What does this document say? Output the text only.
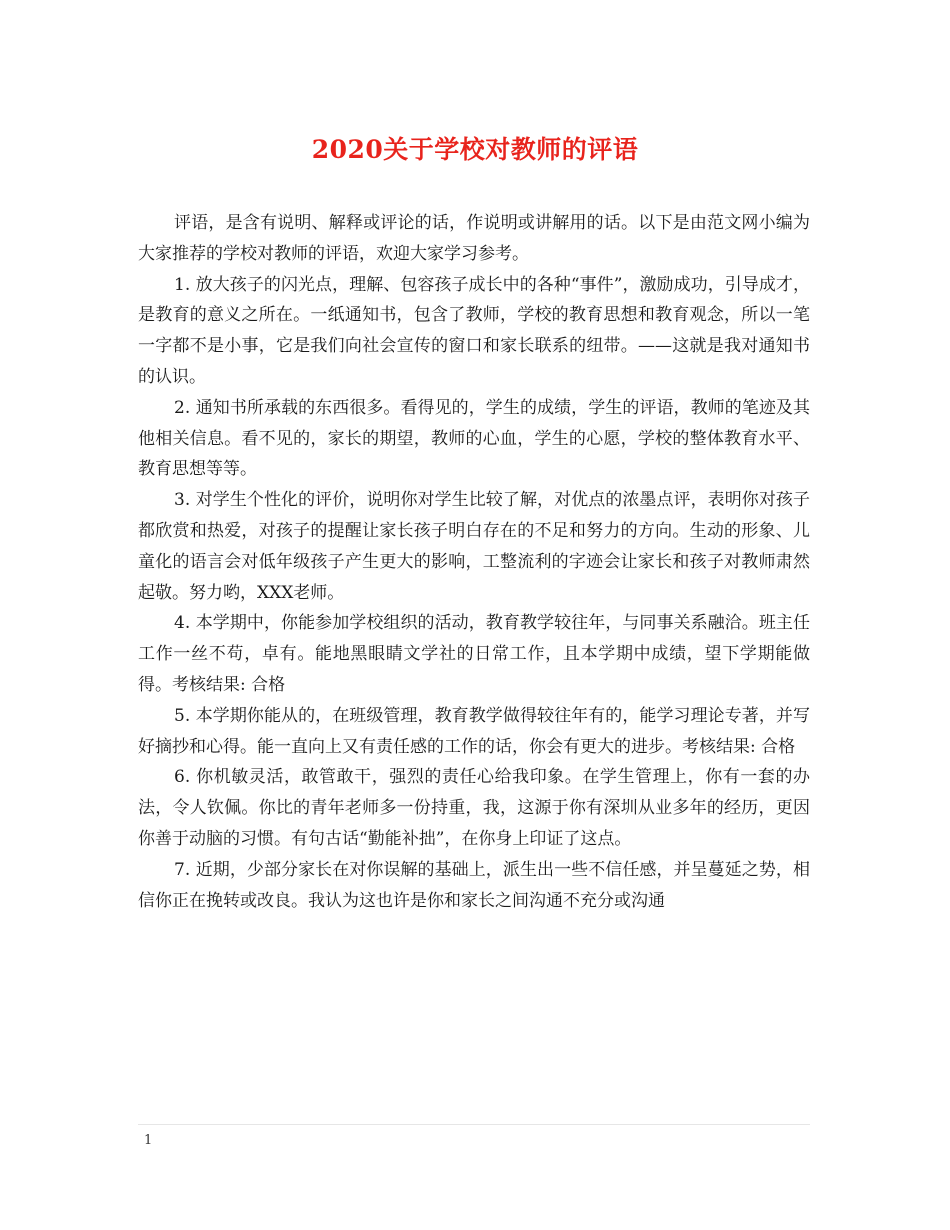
2020关于学校对教师的评语

评语，是含有说明、解释或评论的话，作说明或讲解用的话。以下是由范文网小编为大家推荐的学校对教师的评语，欢迎大家学习参考。

1. 放大孩子的闪光点，理解、包容孩子成长中的各种“事件”，激励成功，引导成才，是教育的意义之所在。一纸通知书，包含了教师，学校的教育思想和教育观念，所以一笔一字都不是小事，它是我们向社会宣传的窗口和家长联系的纽带。——这就是我对通知书的认识。

2. 通知书所承载的东西很多。看得见的，学生的成绩，学生的评语，教师的笔迹及其他相关信息。看不见的，家长的期望，教师的心血，学生的心愿，学校的整体教育水平、教育思想等等。

3. 对学生个性化的评价，说明你对学生比较了解，对优点的浓墨点评，表明你对孩子都欣赏和热爱，对孩子的提醒让家长孩子明白存在的不足和努力的方向。生动的形象、儿童化的语言会对低年级孩子产生更大的影响，工整流利的字迹会让家长和孩子对教师肃然起敬。努力哟，XXX老师。

4. 本学期中，你能参加学校组织的活动，教育教学较往年，与同事关系融洽。班主任工作一丝不苟，卓有。能地黑眼睛文学社的日常工作，且本学期中成绩，望下学期能做得。考核结果: 合格

5. 本学期你能从的，在班级管理，教育教学做得较往年有的，能学习理论专著，并写好摘抄和心得。能一直向上又有责任感的工作的话，你会有更大的进步。考核结果: 合格

6. 你机敏灵活，敢管敢干，强烈的责任心给我印象。在学生管理上，你有一套的办法，令人钦佩。你比的青年老师多一份持重，我，这源于你有深圳从业多年的经历，更因你善于动脑的习惯。有句古话“勤能补拙”，在你身上印证了这点。

7. 近期，少部分家长在对你误解的基础上，派生出一些不信任感，并呈蔓延之势，相信你正在挽转或改良。我认为这也许是你和家长之间沟通不充分或沟通

1
